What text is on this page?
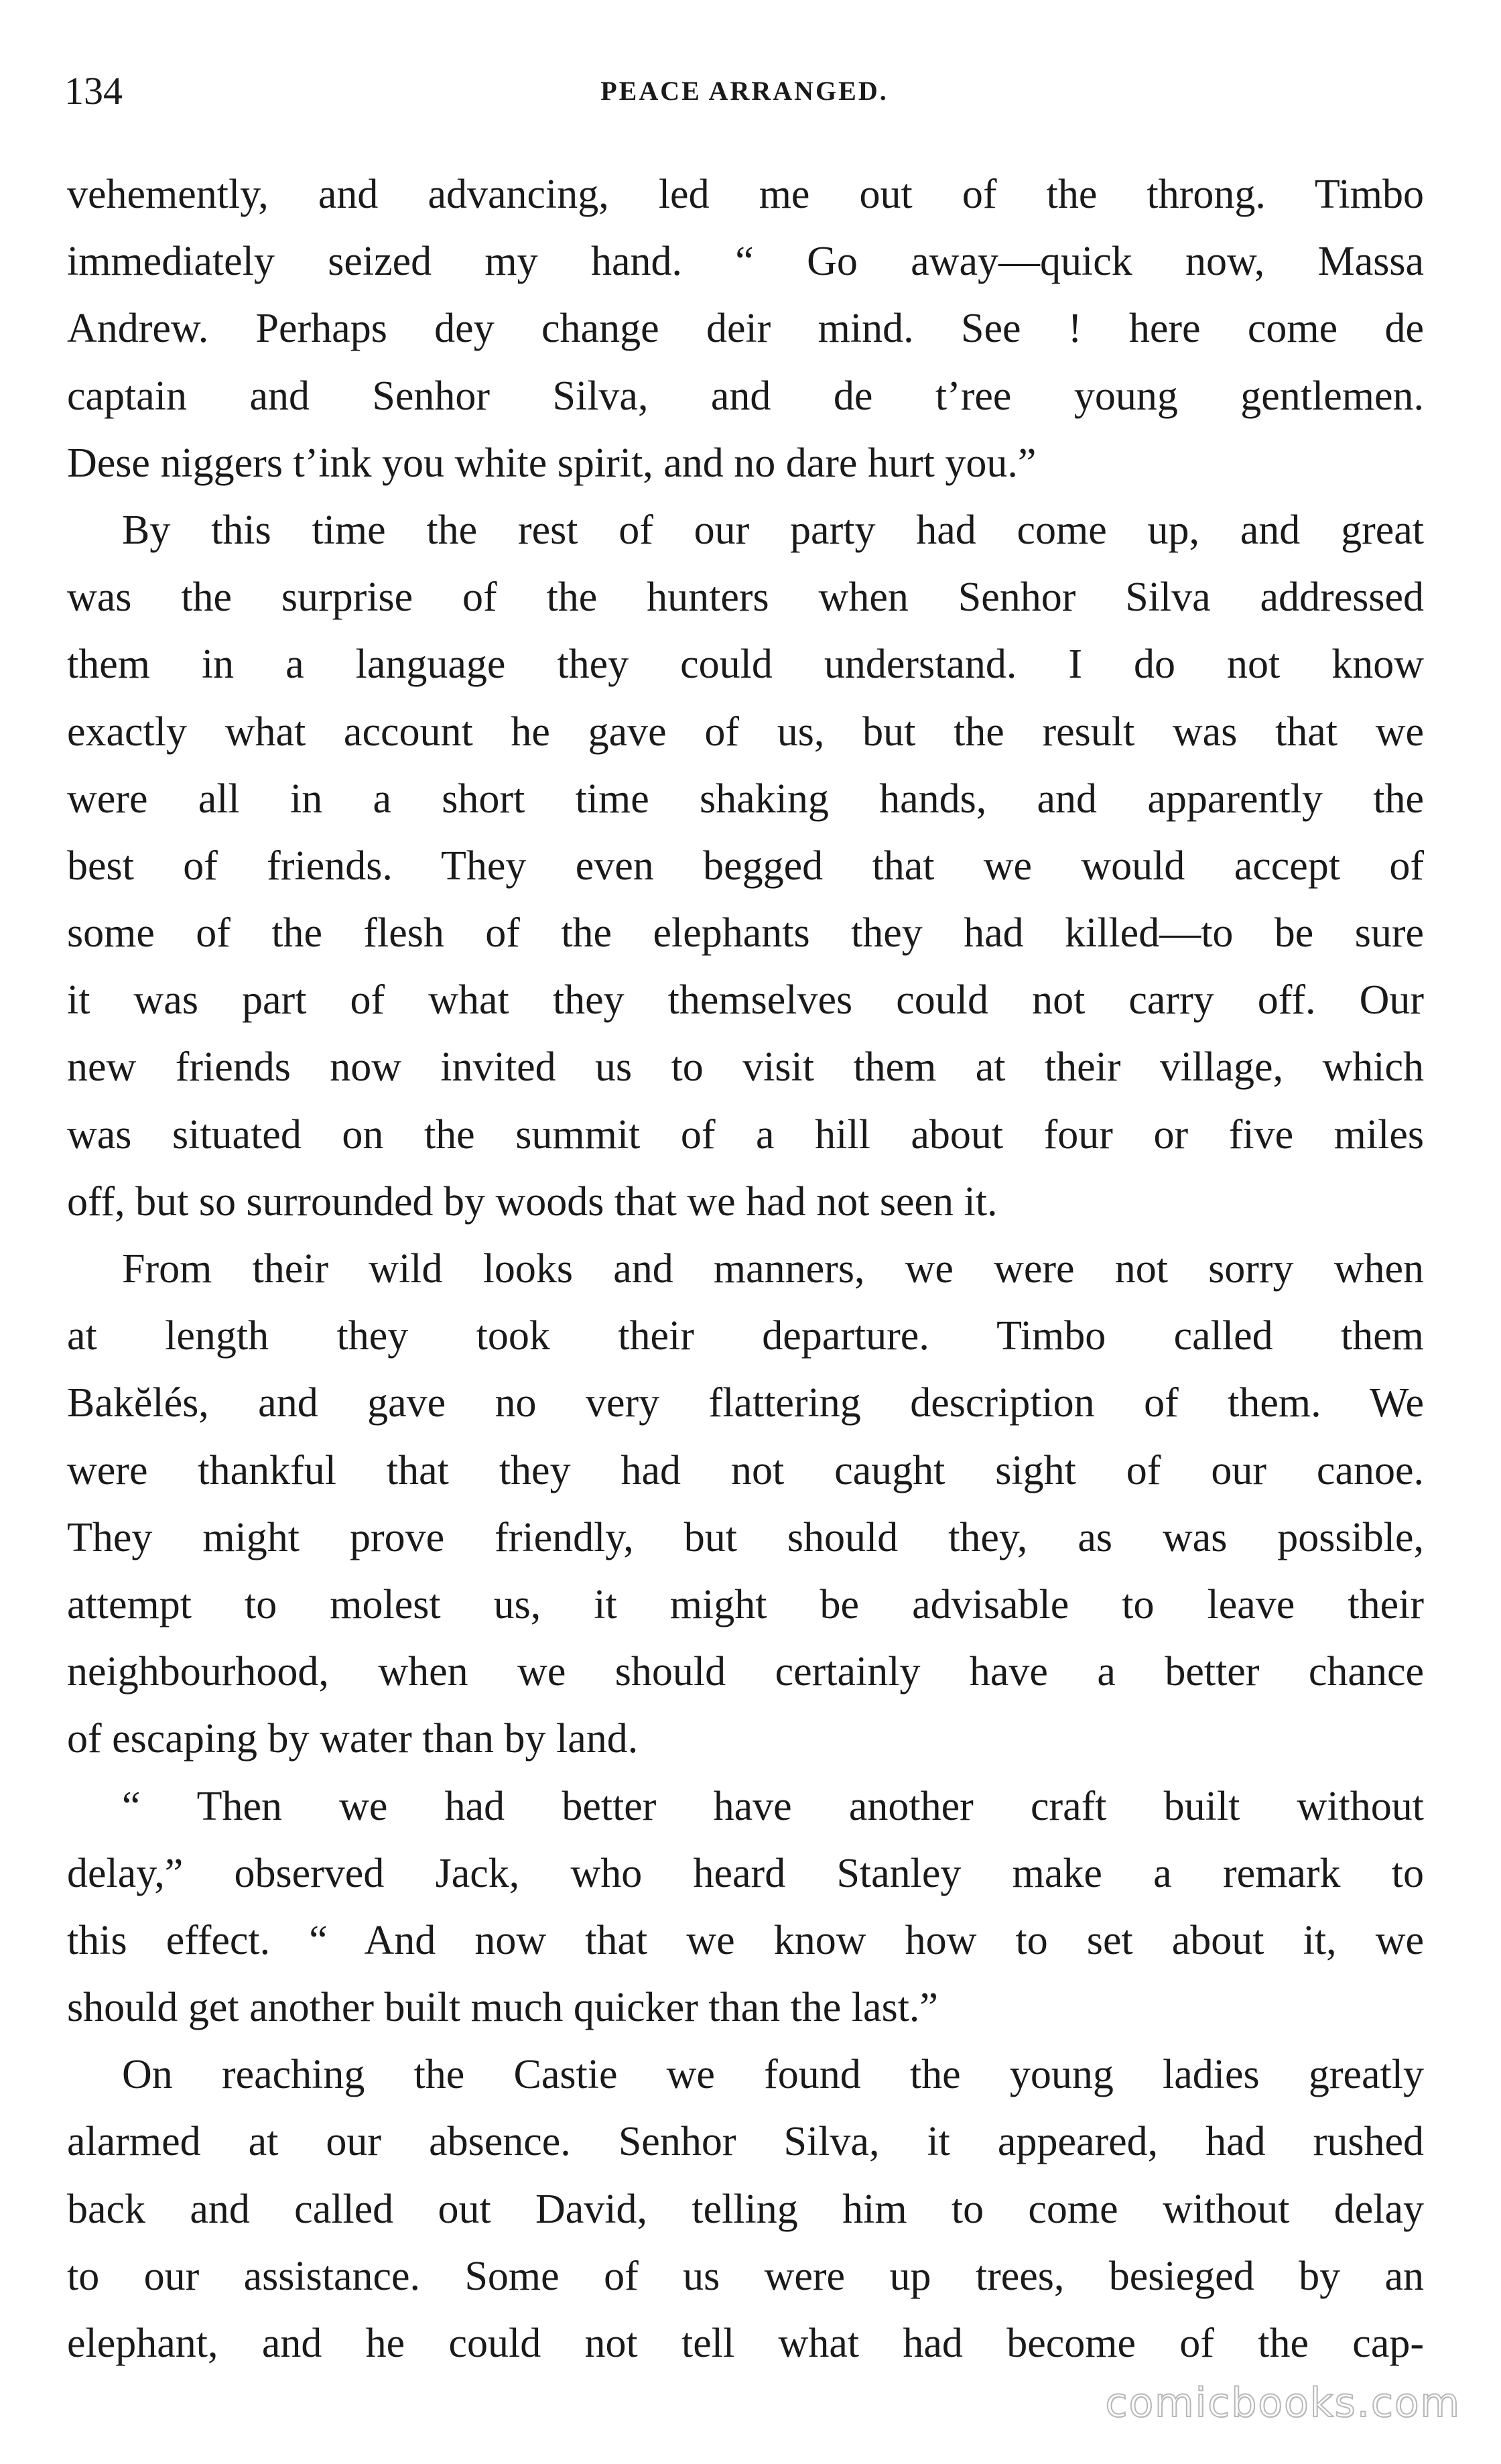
134	PEACE ARRANGED.
vehemently, and advancing, led me out of the throng. Timbo
immediately seized my hand. “ Go away—quick now, Massa
Andrew. Perhaps dey change deir mind. See ! here come de
captain and Senhor Silva, and de t’ree young gentlemen.
Dese niggers t’ink you white spirit, and no dare hurt you.”
By this time the rest of our party had come up, and great
was the surprise of the hunters when Senhor Silva addressed
them in a language they could understand. I do not know
exactly what account he gave of us, but the result was that we
were all in a short time shaking hands, and apparently the
best of friends. They even begged that we would accept of
some of the flesh of the elephants they had killed—to be sure
it was part of what they themselves could not carry off. Our
new friends now invited us to visit them at their village, which
was situated on the summit of a hill about four or five miles
off, but so surrounded by woods that we had not seen it.
From their wild looks and manners, we were not sorry when
at length they took their departure. Timbo called them
Bakĕlés, and gave no very flattering description of them. We
were thankful that they had not caught sight of our canoe.
They might prove friendly, but should they, as was possible,
attempt to molest us, it might be advisable to leave their
neighbourhood, when we should certainly have a better chance
of escaping by water than by land.
“ Then we had better have another craft built without
delay,” observed Jack, who heard Stanley make a remark to
this effect. “ And now that we know how to set about it, we
should get another built much quicker than the last.”
On reaching the Castie we found the young ladies greatly
alarmed at our absence. Senhor Silva, it appeared, had rushed
back and called out David, telling him to come without delay
to our assistance. Some of us were up trees, besieged by an
elephant, and he could not tell what had become of the cap-
comicbooks.com
